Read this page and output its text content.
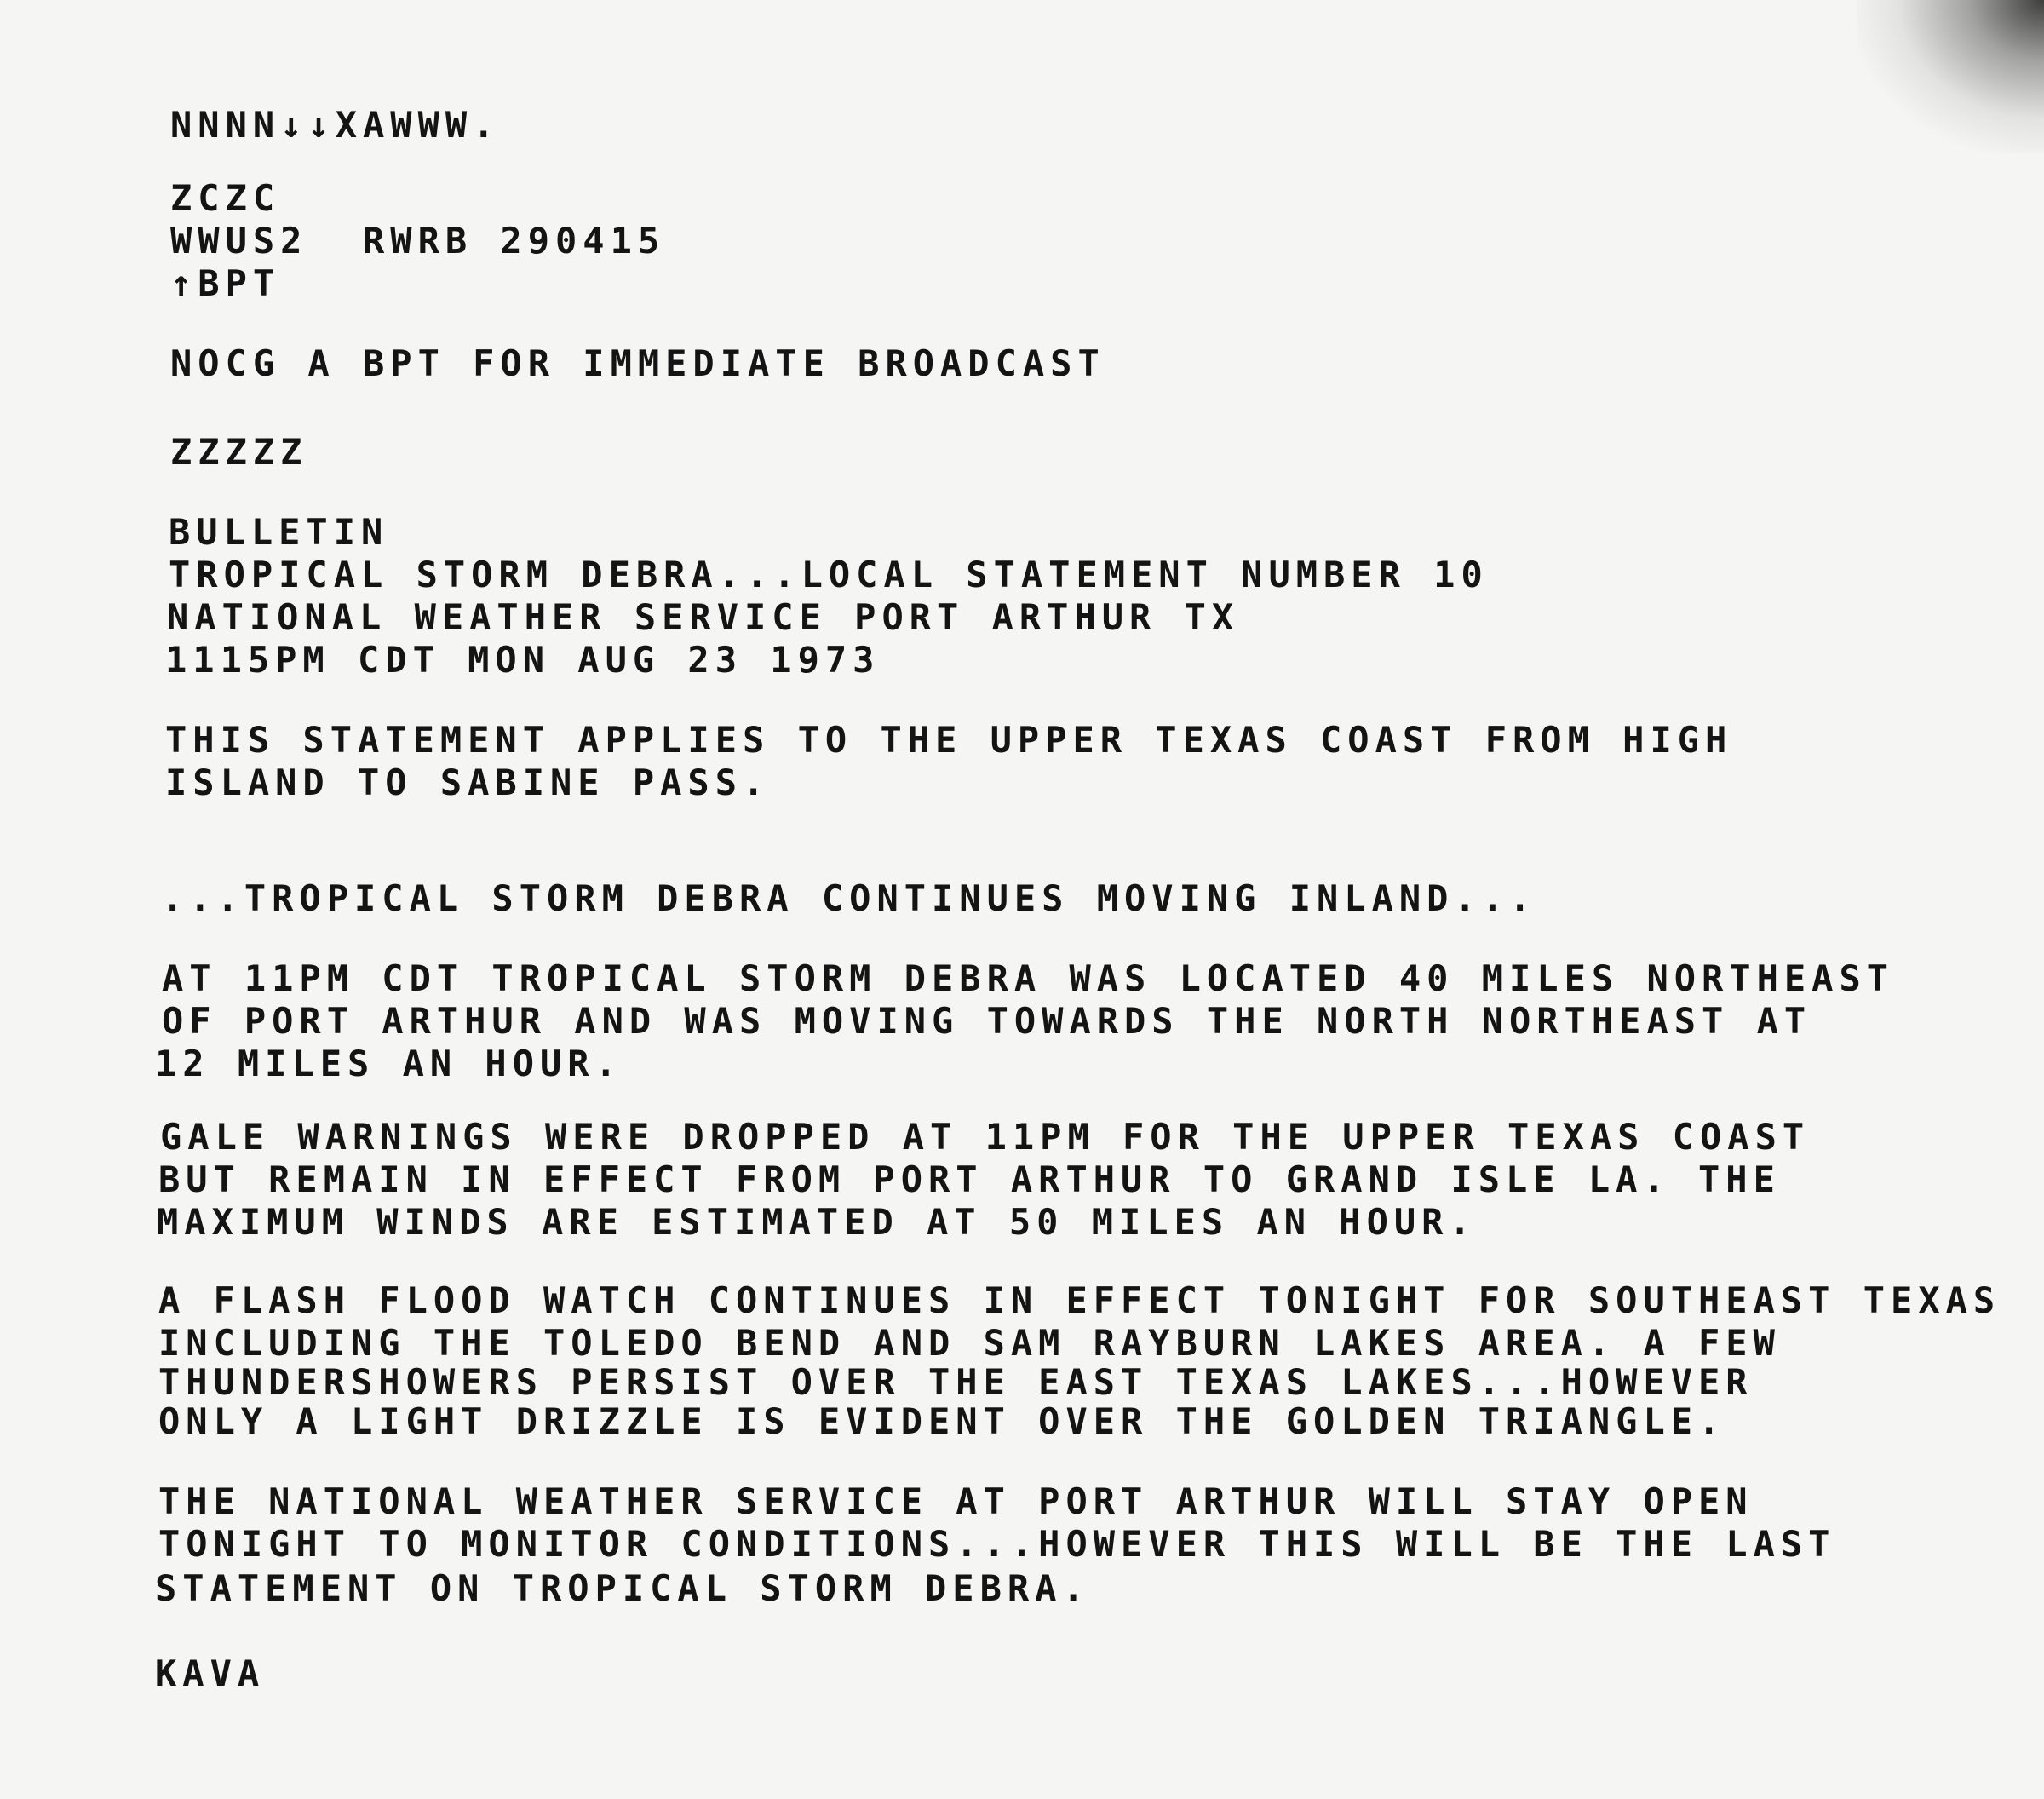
NNNN↓↓XAWWW.
ZCZC
WWUS2  RWRB 290415
↑BPT
NOCG A BPT FOR IMMEDIATE BROADCAST
ZZZZZ
BULLETIN
TROPICAL STORM DEBRA...LOCAL STATEMENT NUMBER 10
NATIONAL WEATHER SERVICE PORT ARTHUR TX
1115PM CDT MON AUG 23 1973
THIS STATEMENT APPLIES TO THE UPPER TEXAS COAST FROM HIGH
ISLAND TO SABINE PASS.
...TROPICAL STORM DEBRA CONTINUES MOVING INLAND...
AT 11PM CDT TROPICAL STORM DEBRA WAS LOCATED 40 MILES NORTHEAST
OF PORT ARTHUR AND WAS MOVING TOWARDS THE NORTH NORTHEAST AT
12 MILES AN HOUR.
GALE WARNINGS WERE DROPPED AT 11PM FOR THE UPPER TEXAS COAST
BUT REMAIN IN EFFECT FROM PORT ARTHUR TO GRAND ISLE LA. THE
MAXIMUM WINDS ARE ESTIMATED AT 50 MILES AN HOUR.
A FLASH FLOOD WATCH CONTINUES IN EFFECT TONIGHT FOR SOUTHEAST TEXAS
INCLUDING THE TOLEDO BEND AND SAM RAYBURN LAKES AREA. A FEW
THUNDERSHOWERS PERSIST OVER THE EAST TEXAS LAKES...HOWEVER
ONLY A LIGHT DRIZZLE IS EVIDENT OVER THE GOLDEN TRIANGLE.
THE NATIONAL WEATHER SERVICE AT PORT ARTHUR WILL STAY OPEN
TONIGHT TO MONITOR CONDITIONS...HOWEVER THIS WILL BE THE LAST
STATEMENT ON TROPICAL STORM DEBRA.
KAVA
